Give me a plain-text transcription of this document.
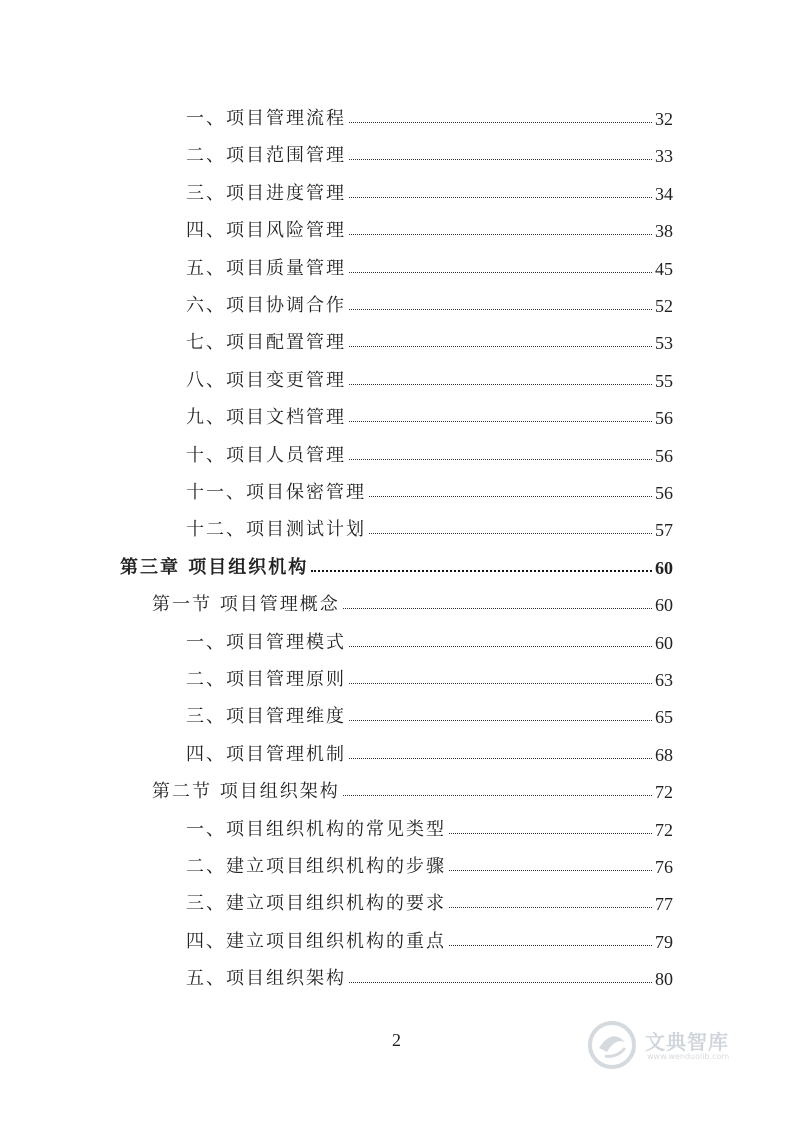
一、项目管理流程	32
二、项目范围管理	33
三、项目进度管理	34
四、项目风险管理	38
五、项目质量管理	45
六、项目协调合作	52
七、项目配置管理	53
八、项目变更管理	55
九、项目文档管理	56
十、项目人员管理	56
十一、项目保密管理	56
十二、项目测试计划	57
第三章 项目组织机构	60
第一节 项目管理概念	60
一、项目管理模式	60
二、项目管理原则	63
三、项目管理维度	65
四、项目管理机制	68
第二节 项目组织架构	72
一、项目组织机构的常见类型	72
二、建立项目组织机构的步骤	76
三、建立项目组织机构的要求	77
四、建立项目组织机构的重点	79
五、项目组织架构	80
2	文典智库
www.wenduolib.com
